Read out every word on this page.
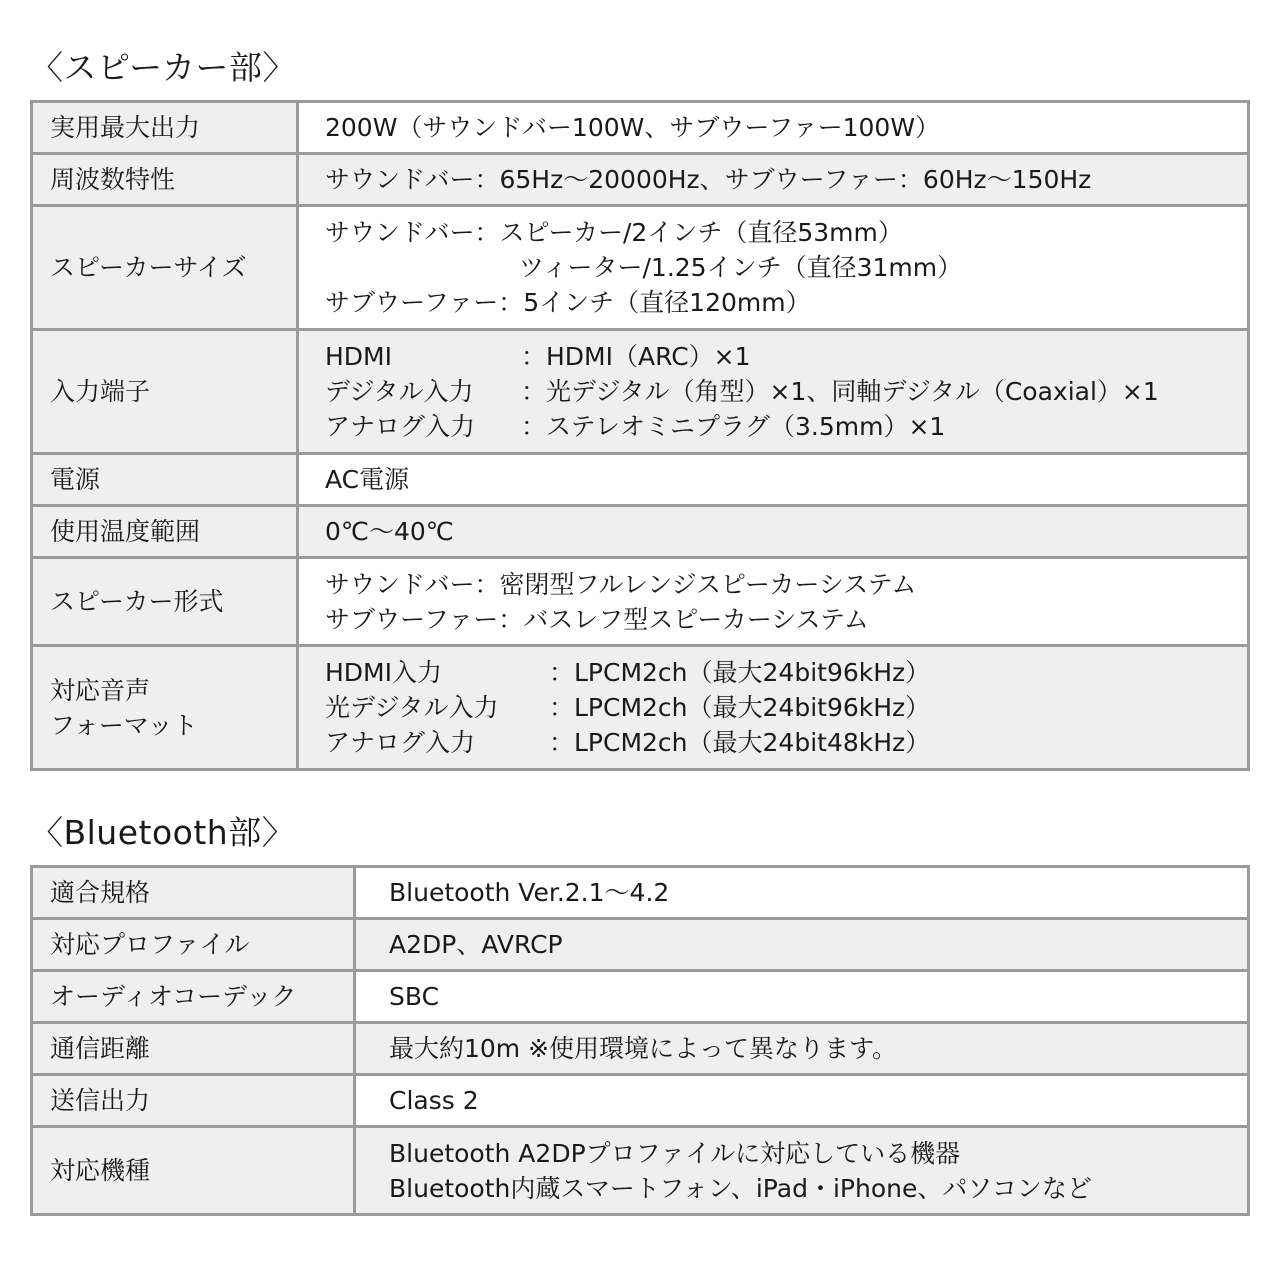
〈スピーカー部〉
実用最大出力	200W（サウンドバー100W、サブウーファー100W）
周波数特性	サウンドバー：65Hz～20000Hz、サブウーファー：60Hz～150Hz
スピーカーサイズ	サウンドバー：スピーカー/2インチ（直径53mm）
ツィーター/1.25インチ（直径31mm）
サブウーファー：5インチ（直径120mm）

入力端子	HDMI ：HDMI（ARC）×1
デジタル入力 ：光デジタル（角型）×1、同軸デジタル（Coaxial）×1
アナログ入力 ：ステレオミニプラグ（3.5mm）×1

電源	AC電源
使用温度範囲	0℃～40℃
スピーカー形式	サウンドバー：密閉型フルレンジスピーカーシステム
サブウーファー：バスレフ型スピーカーシステム

対応音声
フォーマット	HDMI入力 ：LPCM2ch（最大24bit96kHz）
光デジタル入力 ：LPCM2ch（最大24bit96kHz）
アナログ入力 ：LPCM2ch（最大24bit48kHz）
〈Bluetooth部〉
適合規格	Bluetooth Ver.2.1～4.2
対応プロファイル	A2DP、AVRCP
オーディオコーデック	SBC
通信距離	最大約10m ※使用環境によって異なります。
送信出力	Class 2
対応機種	Bluetooth A2DPプロファイルに対応している機器
Bluetooth内蔵スマートフォン、iPad・iPhone、パソコンなど
